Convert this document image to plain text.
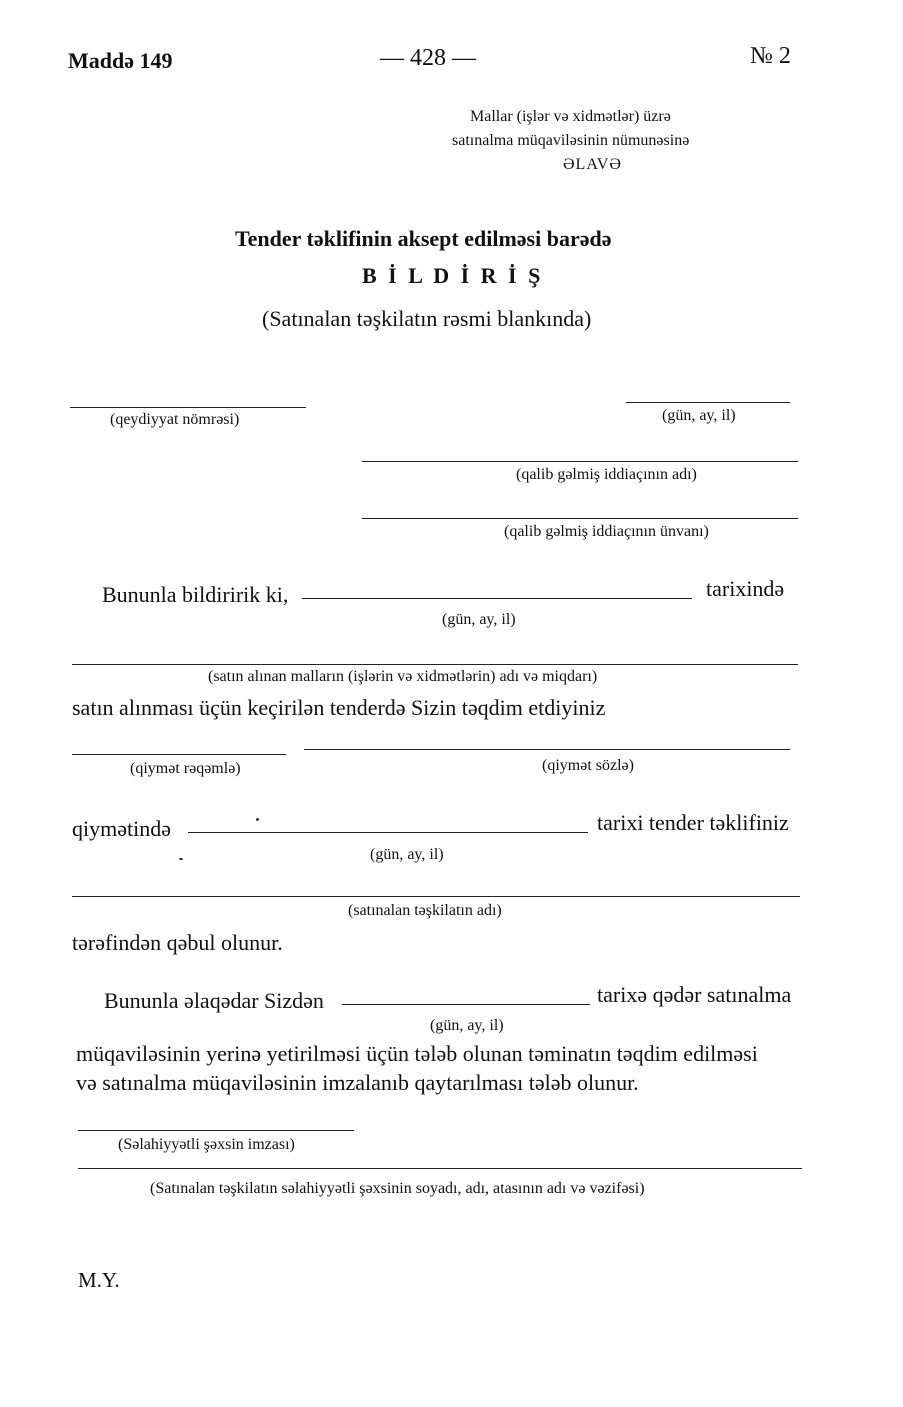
Maddə 149	— 428 —	№ 2
Mallar (işlər və xidmətlər) üzrə
satınalma müqaviləsinin nümunəsinə
ƏLAVƏ
Tender təklifinin aksept edilməsi barədə
B İ L D İ R İ Ş
(Satınalan təşkilatın rəsmi blankında)
(qeydiyyat nömrəsi)	(gün, ay, il)
(qalib gəlmiş iddiaçının adı)
(qalib gəlmiş iddiaçının ünvanı)
Bununla bildiririk ki,	tarixində
(gün, ay, il)
(satın alınan malların (işlərin və xidmətlərin) adı və miqdarı)
satın alınması üçün keçirilən tenderdə Sizin təqdim etdiyiniz
(qiymət rəqəmlə)	(qiymət sözlə)
qiymətində	tarixi tender təklifiniz
(gün, ay, il)
(satınalan təşkilatın adı)
tərəfindən qəbul olunur.
Bununla əlaqədar Sizdən	tarixə qədər satınalma
(gün, ay, il)
müqaviləsinin yerinə yetirilməsi üçün tələb olunan təminatın təqdim edilməsi
və satınalma müqaviləsinin imzalanıb qaytarılması tələb olunur.
(Səlahiyyətli şəxsin imzası)
(Satınalan təşkilatın səlahiyyətli şəxsinin soyadı, adı, atasının adı və vəzifəsi)
M.Y.
